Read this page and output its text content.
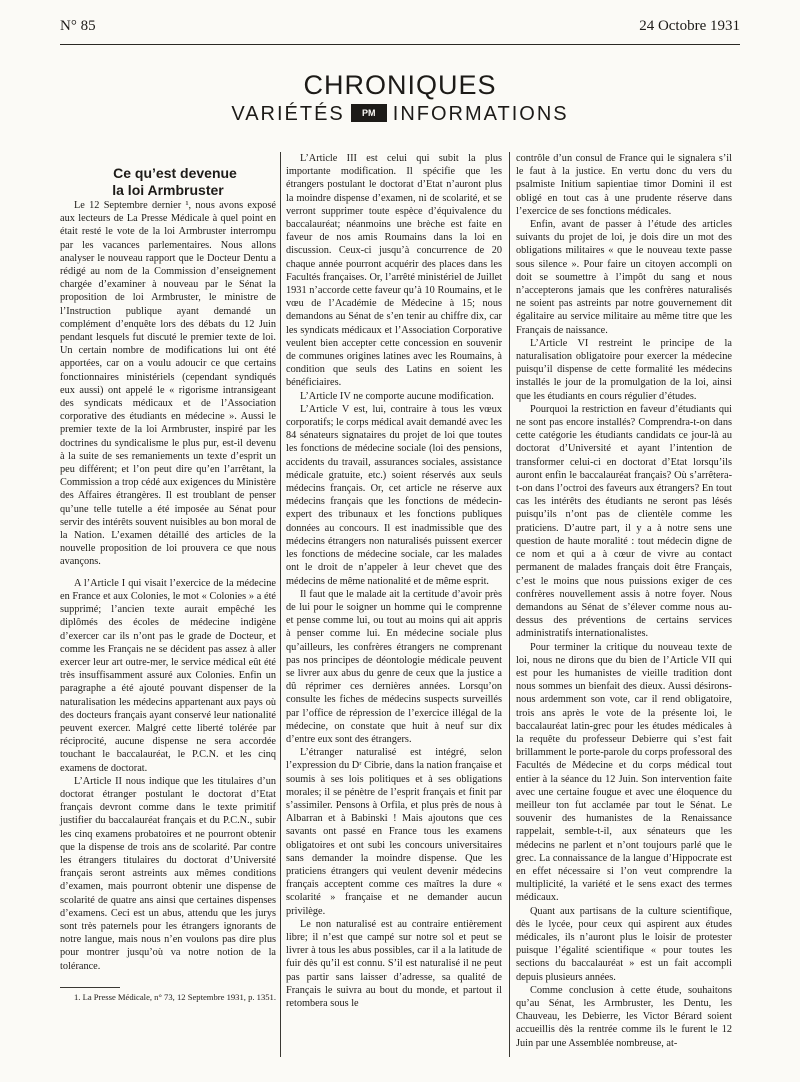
N° 85	24 Octobre 1931
CHRONIQUES
VARIÉTÉS PM INFORMATIONS

Ce qu’est devenue
la loi Armbruster

Le 12 Septembre dernier ¹, nous avons exposé aux lecteurs de La Presse Médicale à quel point en était resté le vote de la loi Armbruster interrompu par les vacances parlementaires. Nous allons analyser le nouveau rapport que le Docteur Dentu a rédigé au nom de la Commission d’enseignement chargée d’examiner à nouveau par le Sénat la proposition de loi Armbruster, le ministre de l’Instruction publique ayant demandé un complément d’enquête lors des débats du 12 Juin pendant lesquels fut discuté le premier texte de loi. Un certain nombre de modifications lui ont été apportées, car on a voulu adoucir ce que certains fonctionnaires ministériels (cependant syndiqués eux aussi) ont appelé le « rigorisme intransigeant des syndicats médicaux et de l’Association corporative des étudiants en médecine ». Aussi le premier texte de la loi Armbruster, inspiré par les doctrines du syndicalisme le plus pur, est-il devenu à la suite de ses remaniements un texte d’esprit un peu différent; et l’on peut dire qu’en l’arrêtant, la Commission a trop cédé aux exigences du Ministère des Affaires étrangères. Il est troublant de penser qu’une telle tutelle a été imposée au Sénat pour servir des intérêts souvent nuisibles au bon moral de la Nation. L’examen détaillé des articles de la nouvelle proposition de loi prouvera ce que nous avançons.

A l’Article I qui visait l’exercice de la médecine en France et aux Colonies, le mot « Colonies » a été supprimé; l’ancien texte aurait empêché les diplômés des écoles de médecine indigène d’exercer car ils n’ont pas le grade de Docteur, et comme les Français ne se décident pas assez à aller exercer leur art outre-mer, le service médical eût été très insuffisamment assuré aux Colonies. Enfin un paragraphe a été ajouté pouvant dispenser de la naturalisation les médecins appartenant aux pays où des docteurs français ayant conservé leur nationalité peuvent exercer. Malgré cette liberté tolérée par réciprocité, aucune dispense ne sera accordée touchant le baccalauréat, le P.C.N. et les cinq examens de doctorat.

L’Article II nous indique que les titulaires d’un doctorat étranger postulant le doctorat d’Etat français devront comme dans le texte primitif justifier du baccalauréat français et du P.C.N., subir les cinq examens probatoires et ne pourront obtenir que la dispense de trois ans de scolarité. Par contre les étrangers titulaires du doctorat d’Université français seront astreints aux mêmes conditions d’examen, mais pourront obtenir une dispense de scolarité de quatre ans ainsi que certaines dispenses d’examens. Ceci est un abus, attendu que les jurys sont très paternels pour les étrangers ignorants de notre langue, mais nous n’en voulons pas dire plus pour montrer jusqu’où va notre notion de la tolérance.

1. La Presse Médicale, n° 73, 12 Septembre 1931, p. 1351.

L’Article III est celui qui subit la plus importante modification. Il spécifie que les étrangers postulant le doctorat d’Etat n’auront plus la moindre dispense d’examen, ni de scolarité, et se verront supprimer toute espèce d’équivalence du baccalauréat; néanmoins une brèche est faite en faveur de nos amis Roumains dans la loi en discussion. Ceux-ci jusqu’à concurrence de 20 chaque année pourront acquérir des places dans les Facultés françaises. Or, l’arrêté ministériel de Juillet 1931 n’accorde cette faveur qu’à 10 Roumains, et le vœu de l’Académie de Médecine à 15; nous demandons au Sénat de s’en tenir au chiffre dix, car les syndicats médicaux et l’Association Corporative veulent bien accepter cette concession en souvenir de communes origines latines avec les Roumains, à condition que seuls des Latins en soient les bénéficiaires.

L’Article IV ne comporte aucune modification.

L’Article V est, lui, contraire à tous les vœux corporatifs; le corps médical avait demandé avec les 84 sénateurs signataires du projet de loi que toutes les fonctions de médecine sociale (loi des pensions, accidents du travail, assurances sociales, assistance médicale gratuite, etc.) soient réservés aux seuls médecins français. Or, cet article ne réserve aux médecins français que les fonctions de médecin-expert des tribunaux et les fonctions publiques données au concours. Il est inadmissible que des médecins étrangers non naturalisés puissent exercer les fonctions de médecine sociale, car les malades ont le droit de n’appeler à leur chevet que des médecins de même nationalité et de même esprit.

Il faut que le malade ait la certitude d’avoir près de lui pour le soigner un homme qui le comprenne et pense comme lui, ou tout au moins qui ait appris à penser comme lui. En médecine sociale plus qu’ailleurs, les confrères étrangers ne comprenant pas nos principes de déontologie médicale peuvent se livrer aux abus du genre de ceux que la justice a dû réprimer ces dernières années. Lorsqu’on consulte les fiches de médecins suspects surveillés par l’office de répression de l’exercice illégal de la médecine, on constate que huit à neuf sur dix d’entre eux sont des étrangers.

L’étranger naturalisé est intégré, selon l’expression du Dʳ Cibrie, dans la nation française et soumis à ses lois politiques et à ses obligations morales; il se pénètre de l’esprit français et finit par s’assimiler. Pensons à Orfila, et plus près de nous à Albarran et à Babinski ! Mais ajoutons que ces savants ont passé en France tous les examens obligatoires et ont subi les concours universitaires sans demander la moindre dispense. Que les praticiens étrangers qui veulent devenir médecins français acceptent comme ces maîtres la dure « scolarité » française et ne demander aucun privilège.

Le non naturalisé est au contraire entièrement libre; il n’est que campé sur notre sol et peut se livrer à tous les abus possibles, car il a la latitude de fuir dès qu’il est connu. S’il est naturalisé il ne peut pas partir sans laisser d’adresse, sa qualité de Français le suivra au bout du monde, et partout il retombera sous le

contrôle d’un consul de France qui le signalera s’il le faut à la justice. En vertu donc du vers du psalmiste Initium sapientiae timor Domini il est obligé en tout cas à une prudente réserve dans l’exercice de ses fonctions médicales.

Enfin, avant de passer à l’étude des articles suivants du projet de loi, je dois dire un mot des obligations militaires « que le nouveau texte passe sous silence ». Pour faire un citoyen accompli on doit se soumettre à l’impôt du sang et nous n’accepterons jamais que les confrères naturalisés ne soient pas astreints par notre gouvernement dit égalitaire au service militaire au même titre que les Français de naissance.

L’Article VI restreint le principe de la naturalisation obligatoire pour exercer la médecine puisqu’il dispense de cette formalité les médecins installés le jour de la promulgation de la loi, ainsi que les étudiants en cours régulier d’études.

Pourquoi la restriction en faveur d’étudiants qui ne sont pas encore installés? Comprendra-t-on dans cette catégorie les étudiants candidats ce jour-là au doctorat d’Université et ayant l’intention de transformer celui-ci en doctorat d’Etat lorsqu’ils auront enfin le baccalauréat français? Où s’arrêtera-t-on dans l’octroi des faveurs aux étrangers? En tout cas les intérêts des étudiants ne seront pas lésés puisqu’ils n’ont pas de clientèle comme les praticiens. D’autre part, il y a à notre sens une question de haute moralité : tout médecin digne de ce nom et qui a à cœur de vivre au contact permanent de malades français doit être Français, c’est le moins que nous puissions exiger de ces confrères nouvellement assis à notre foyer. Nous demandons au Sénat de s’élever comme nous au-dessus des préventions de certains services administratifs internationalistes.

Pour terminer la critique du nouveau texte de loi, nous ne dirons que du bien de l’Article VII qui est pour les humanistes de vieille tradition dont nous sommes un bienfait des dieux. Aussi désirons-nous ardemment son vote, car il rend obligatoire, trois ans après le vote de la présente loi, le baccalauréat latin-grec pour les études médicales à la requête du professeur Debierre qui s’est fait brillamment le porte-parole du corps professoral des Facultés de Médecine et du corps médical tout entier à la séance du 12 Juin. Son intervention faite avec une certaine fougue et avec une éloquence du meilleur ton fut acclamée par tout le Sénat. Le souvenir des humanistes de la Renaissance rappelait, semble-t-il, aux sénateurs que les médecins ne parlent et n’ont toujours parlé que le grec. La connaissance de la langue d’Hippocrate est en effet nécessaire si l’on veut comprendre la multiplicité, la variété et le sens exact des termes médicaux.

Quant aux partisans de la culture scientifique, dès le lycée, pour ceux qui aspirent aux études médicales, ils n’auront plus le loisir de protester puisque l’égalité scientifique « pour toutes les sections du baccalauréat » est un fait accompli depuis plusieurs années.

Comme conclusion à cette étude, souhaitons qu’au Sénat, les Armbruster, les Dentu, les Chauveau, les Debierre, les Victor Bérard soient accueillis dès la rentrée comme ils le furent le 12 Juin par une Assemblée nombreuse, at-
